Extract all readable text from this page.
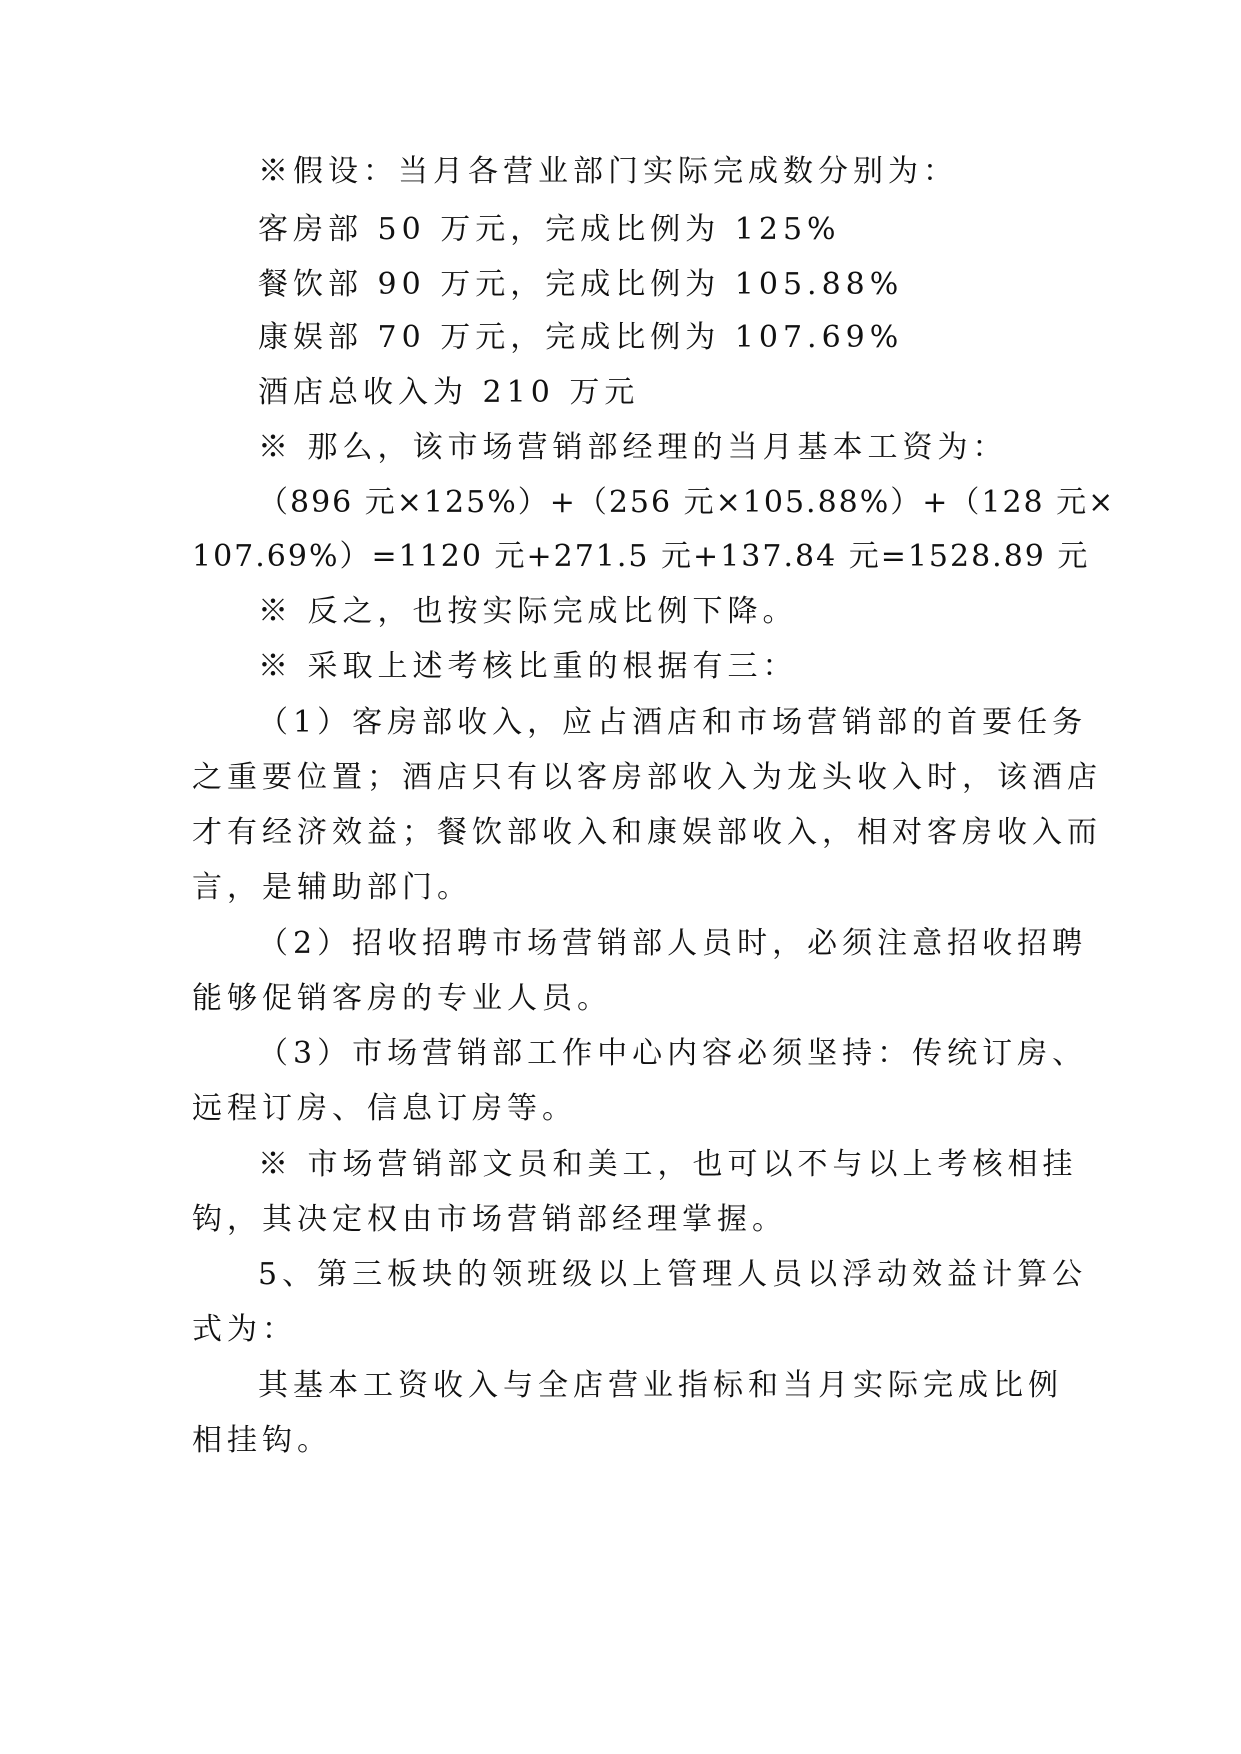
※假设：当月各营业部门实际完成数分别为：
客房部 50 万元，完成比例为 125%
餐饮部 90 万元，完成比例为 105.88%
康娱部 70 万元，完成比例为 107.69%
酒店总收入为 210 万元
※ 那么，该市场营销部经理的当月基本工资为：
（896 元×125%）+（256 元×105.88%）+（128 元×
107.69%）=1120 元+271.5 元+137.84 元=1528.89 元
※ 反之，也按实际完成比例下降。
※ 采取上述考核比重的根据有三：
（1）客房部收入，应占酒店和市场营销部的首要任务
之重要位置；酒店只有以客房部收入为龙头收入时，该酒店
才有经济效益；餐饮部收入和康娱部收入，相对客房收入而
言，是辅助部门。
（2）招收招聘市场营销部人员时，必须注意招收招聘
能够促销客房的专业人员。
（3）市场营销部工作中心内容必须坚持：传统订房、
远程订房、信息订房等。
※ 市场营销部文员和美工，也可以不与以上考核相挂
钩，其决定权由市场营销部经理掌握。
5、第三板块的领班级以上管理人员以浮动效益计算公
式为：
其基本工资收入与全店营业指标和当月实际完成比例
相挂钩。
